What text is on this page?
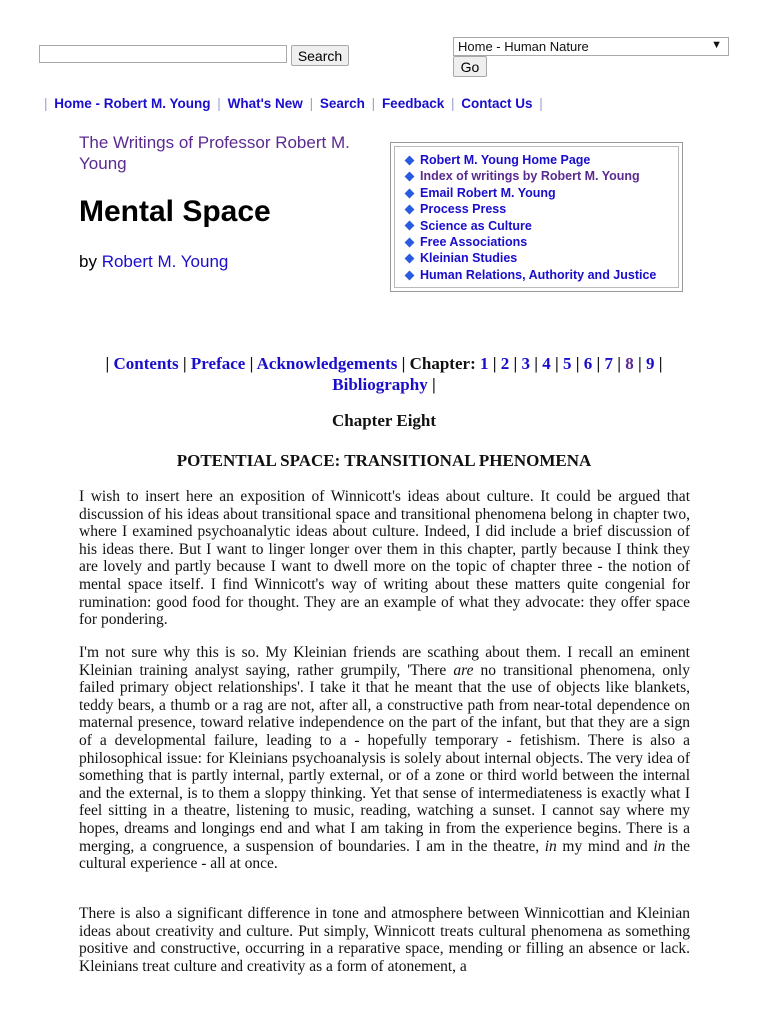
Search
Home - Human Nature	▼
Go
| Home - Robert M. Young | What's New | Search | Feedback | Contact Us |
The Writings of Professor Robert M. Young
Mental Space
by Robert M. Young
Robert M. Young Home Page
Index of writings by Robert M. Young
Email Robert M. Young
Process Press
Science as Culture
Free Associations
Kleinian Studies
Human Relations, Authority and Justice
| Contents | Preface | Acknowledgements | Chapter: 1 | 2 | 3 | 4 | 5 | 6 | 7 | 8 | 9 |
Bibliography |
Chapter Eight
POTENTIAL SPACE: TRANSITIONAL PHENOMENA

I wish to insert here an exposition of Winnicott's ideas about culture. It could be argued that discussion of his ideas about transitional space and transitional phenomena belong in chapter two, where I examined psychoanalytic ideas about culture. Indeed, I did include a brief discussion of his ideas there. But I want to linger longer over them in this chapter, partly because I think they are lovely and partly because I want to dwell more on the topic of chapter three - the notion of mental space itself. I find Winnicott's way of writing about these matters quite congenial for rumination: good food for thought. They are an example of what they advocate: they offer space for pondering.

I'm not sure why this is so. My Kleinian friends are scathing about them. I recall an eminent Kleinian training analyst saying, rather grumpily, 'There are no transitional phenomena, only failed primary object relationships'. I take it that he meant that the use of objects like blankets, teddy bears, a thumb or a rag are not, after all, a constructive path from near-total dependence on maternal presence, toward relative independence on the part of the infant, but that they are a sign of a developmental failure, leading to a - hopefully temporary - fetishism. There is also a philosophical issue: for Kleinians psychoanalysis is solely about internal objects. The very idea of something that is partly internal, partly external, or of a zone or third world between the internal and the external, is to them a sloppy thinking. Yet that sense of intermediateness is exactly what I feel sitting in a theatre, listening to music, reading, watching a sunset. I cannot say where my hopes, dreams and longings end and what I am taking in from the experience begins. There is a merging, a congruence, a suspension of boundaries. I am in the theatre, in my mind and in the cultural experience - all at once.

There is also a significant difference in tone and atmosphere between Winnicottian and Kleinian ideas about creativity and culture. Put simply, Winnicott treats cultural phenomena as something positive and constructive, occurring in a reparative space, mending or filling an absence or lack. Kleinians treat culture and creativity as a form of atonement, a
